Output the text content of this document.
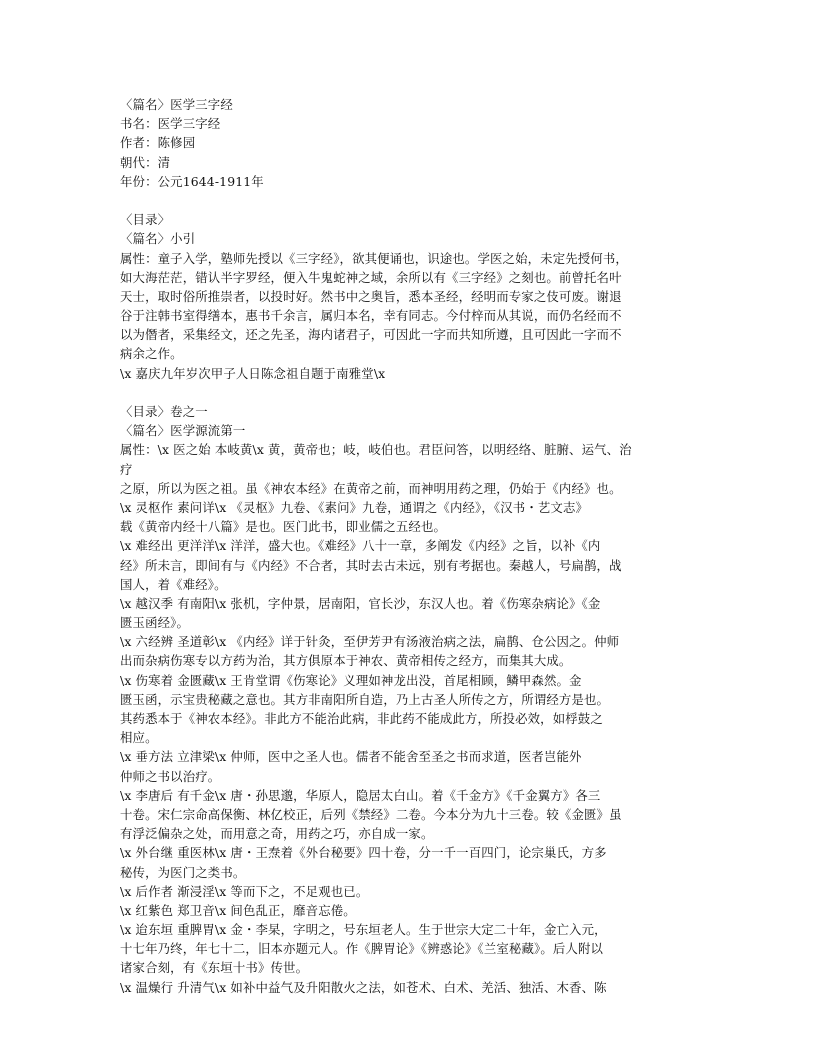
〈篇名〉医学三字经
书名：医学三字经
作者：陈修园
朝代：清
年份：公元1644-1911年
〈目录〉
〈篇名〉小引
属性：童子入学，塾师先授以《三字经》，欲其便诵也，识途也。学医之始，未定先授何书，
如大海茫茫，错认半字罗经，便入牛鬼蛇神之域，余所以有《三字经》之刻也。前曾托名叶
天士，取时俗所推崇者，以投时好。然书中之奥旨，悉本圣经，经明而专家之伎可废。谢退
谷于注韩书室得缮本，惠书千余言，属归本名，幸有同志。今付梓而从其说，而仍名经而不
以为僭者，采集经文，还之先圣，海内诸君子，可因此一字而共知所遵，且可因此一字而不
病余之作。
\x 嘉庆九年岁次甲子人日陈念祖自题于南雅堂\x
〈目录〉卷之一
〈篇名〉医学源流第一
属性：\x 医之始 本岐黄\x 黄，黄帝也；岐，岐伯也。君臣问答，以明经络、脏腑、运气、治
疗
之原，所以为医之祖。虽《神农本经》在黄帝之前，而神明用药之理，仍始于《内经》也。
\x 灵枢作 素问详\x 《灵枢》九卷、《素问》九卷，通谓之《内经》，《汉书・艺文志》
载《黄帝内经十八篇》是也。医门此书，即业儒之五经也。
\x 难经出 更洋洋\x 洋洋，盛大也。《难经》八十一章，多阐发《内经》之旨，以补《内
经》所未言，即间有与《内经》不合者，其时去古未远，别有考据也。秦越人，号扁鹊，战
国人，着《难经》。
\x 越汉季 有南阳\x 张机，字仲景，居南阳，官长沙，东汉人也。着《伤寒杂病论》《金
匮玉函经》。
\x 六经辨 圣道彰\x 《内经》详于针灸，至伊芳尹有汤液治病之法，扁鹊、仓公因之。仲师
出而杂病伤寒专以方药为治，其方俱原本于神农、黄帝相传之经方，而集其大成。
\x 伤寒着 金匮藏\x 王肯堂谓《伤寒论》义理如神龙出没，首尾相顾，鳞甲森然。金
匮玉函，示宝贵秘藏之意也。其方非南阳所自造，乃上古圣人所传之方，所谓经方是也。
其药悉本于《神农本经》。非此方不能治此病，非此药不能成此方，所投必效，如桴鼓之
相应。
\x 垂方法 立津梁\x 仲师，医中之圣人也。儒者不能舍至圣之书而求道，医者岂能外
仲师之书以治疗。
\x 李唐后 有千金\x 唐・孙思邈，华原人，隐居太白山。着《千金方》《千金翼方》各三
十卷。宋仁宗命高保衡、林亿校正，后列《禁经》二卷。今本分为九十三卷。较《金匮》虽
有浮泛偏杂之处，而用意之奇，用药之巧，亦自成一家。
\x 外台继 重医林\x 唐・王焘着《外台秘要》四十卷，分一千一百四门，论宗巢氏，方多
秘传，为医门之类书。
\x 后作者 渐浸淫\x 等而下之，不足观也已。
\x 红紫色 郑卫音\x 间色乱正，靡音忘倦。
\x 迨东垣 重脾胃\x 金・李杲，字明之，号东垣老人。生于世宗大定二十年，金亡入元，
十七年乃终，年七十二，旧本亦题元人。作《脾胃论》《辨惑论》《兰室秘藏》。后人附以
诸家合刻，有《东垣十书》传世。
\x 温燥行 升清气\x 如补中益气及升阳散火之法，如苍术、白术、羌活、独活、木香、陈
